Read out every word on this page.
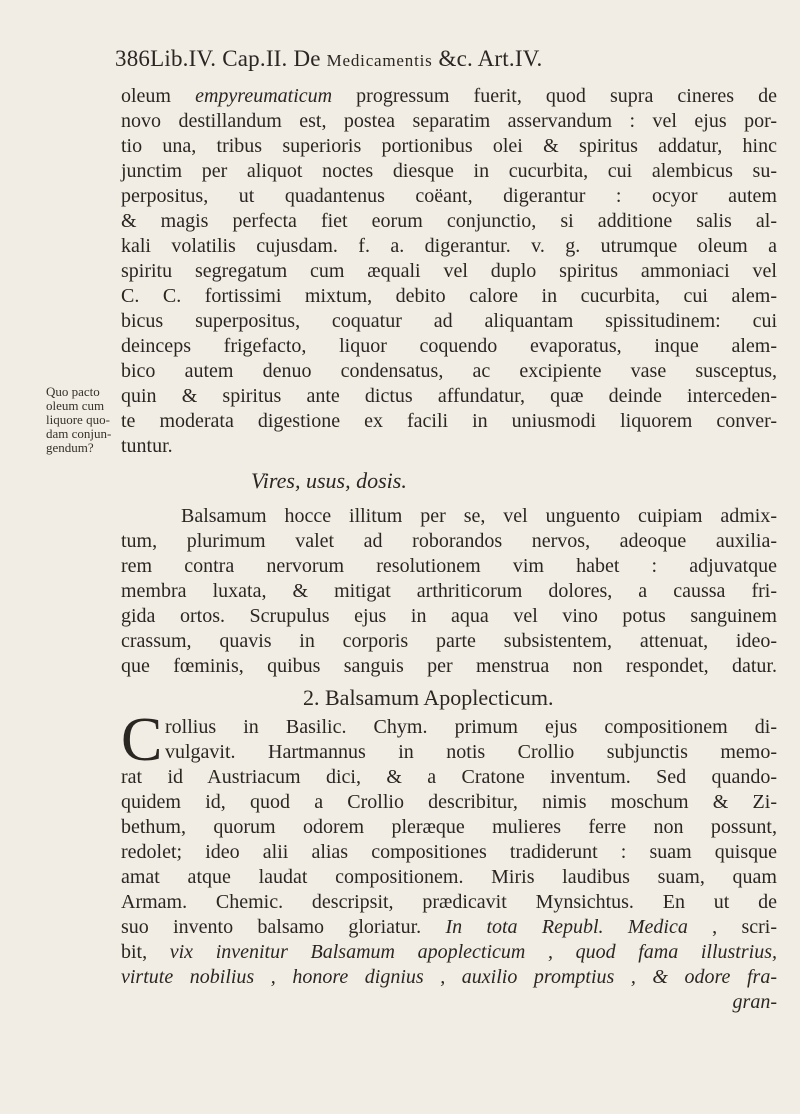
386Lib.IV. Cap.II. De Medicamentis &c. Art.IV.
Quo pacto
oleum cum
liquore quo-
dam conjun-
gendum?
oleum empyreumaticum progressum fuerit, quod supra cineres de
novo destillandum est, postea separatim asservandum : vel ejus por-
tio una, tribus superioris portionibus olei & spiritus addatur, hinc
junctim per aliquot noctes diesque in cucurbita, cui alembicus su-
perpositus, ut quadantenus coëant, digerantur : ocyor autem
& magis perfecta fiet eorum conjunctio, si additione salis al-
kali volatilis cujusdam. f. a. digerantur. v. g. utrumque oleum a
spiritu segregatum cum æquali vel duplo spiritus ammoniaci vel
C. C. fortissimi mixtum, debito calore in cucurbita, cui alem-
bicus superpositus, coquatur ad aliquantam spissitudinem: cui
deinceps frigefacto, liquor coquendo evaporatus, inque alem-
bico autem denuo condensatus, ac excipiente vase susceptus,
quin & spiritus ante dictus affundatur, quæ deinde interceden-
te moderata digestione ex facili in uniusmodi liquorem conver-
tuntur.
Vires, usus, dosis.
Balsamum hocce illitum per se, vel unguento cuipiam admix-
tum, plurimum valet ad roborandos nervos, adeoque auxilia-
rem contra nervorum resolutionem vim habet : adjuvatque
membra luxata, & mitigat arthriticorum dolores, a caussa fri-
gida ortos. Scrupulus ejus in aqua vel vino potus sanguinem
crassum, quavis in corporis parte subsistentem, attenuat, ideo-
que fœminis, quibus sanguis per menstrua non respondet, datur.
2. Balsamum Apoplecticum.
C rollius in Basilic. Chym. primum ejus compositionem di-
vulgavit. Hartmannus in notis Crollio subjunctis memo-
rat id Austriacum dici, & a Cratone inventum. Sed quando-
quidem id, quod a Crollio describitur, nimis moschum & Zi-
bethum, quorum odorem pleræque mulieres ferre non possunt,
redolet; ideo alii alias compositiones tradiderunt : suam quisque
amat atque laudat compositionem. Miris laudibus suam, quam
Armam. Chemic. descripsit, prædicavit Mynsichtus. En ut de
suo invento balsamo gloriatur. In tota Republ. Medica , scri-
bit, vix invenitur Balsamum apoplecticum , quod fama illustrius,
virtute nobilius , honore dignius , auxilio promptius , & odore fra-
gran-
